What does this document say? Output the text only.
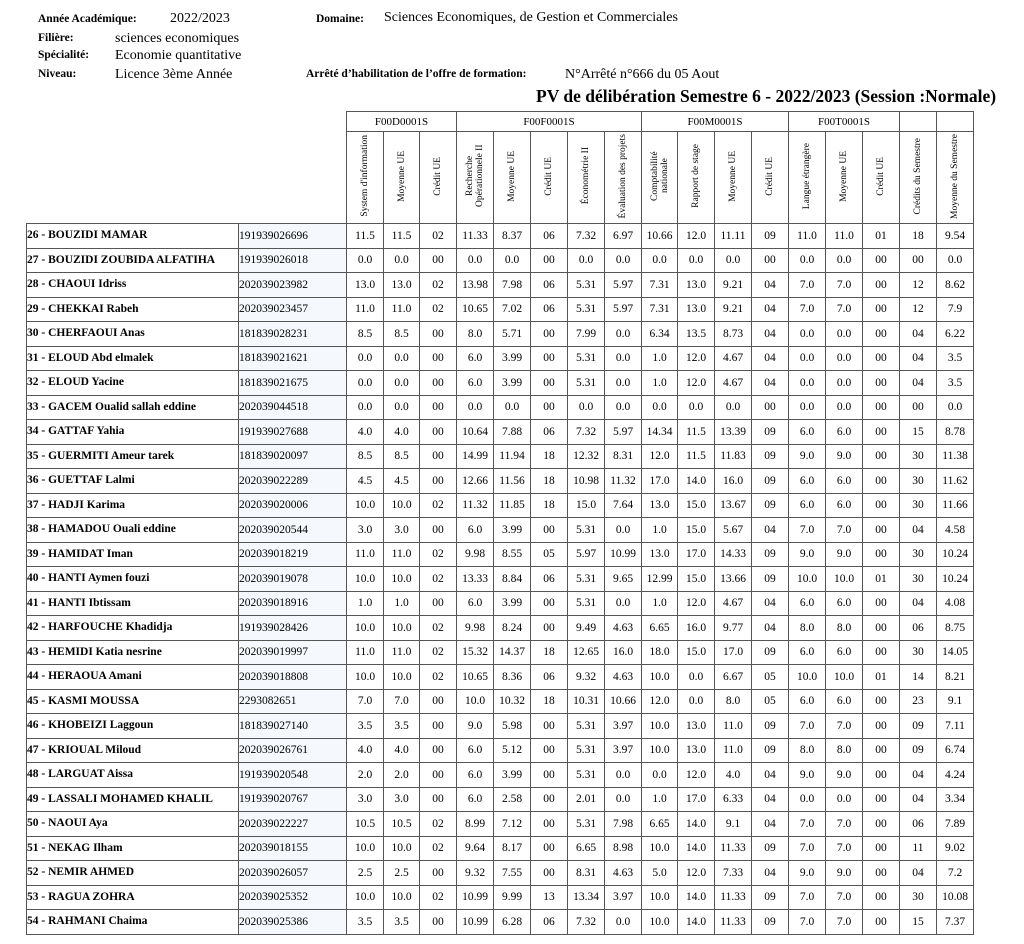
Année Académique: 2022/2023
Filière:	sciences economiques
Spécialité: Economie quantitative
Niveau:	Licence 3ème Année
Domaine: Sciences Economiques, de Gestion et Commerciales
Arrêté d’habilitation de l’offre de formation:	N°Arrêté n°666 du 05 Aout
PV de délibération Semestre 6 - 2022/2023 (Session :Normale)
		F00D0001S			F00F0001S					F00M0001S				F00T0001S				
		System d'information	Moyenne UE	Crédit UE	Recherche Opérationnele II	Moyenne UE	Crédit UE	Économétrie II	Évaluation des projets	Comptabilité nationale	Rapport de stage	Moyenne UE	Crédit UE	Langue étrangère	Moyenne UE	Crédit UE	Crédits du Semestre	Moyenne du Semestre
26 - BOUZIDI MAMAR	191939026696	11.5	11.5	02	11.33	8.37	06	7.32	6.97	10.66	12.0	11.11	09	11.0	11.0	01	18	9.54
27 - BOUZIDI ZOUBIDA ALFATIHA	191939026018	0.0	0.0	00	0.0	0.0	00	0.0	0.0	0.0	0.0	0.0	00	0.0	0.0	00	00	0.0
28 - CHAOUI Idriss	202039023982	13.0	13.0	02	13.98	7.98	06	5.31	5.97	7.31	13.0	9.21	04	7.0	7.0	00	12	8.62
29 - CHEKKAI Rabeh	202039023457	11.0	11.0	02	10.65	7.02	06	5.31	5.97	7.31	13.0	9.21	04	7.0	7.0	00	12	7.9
30 - CHERFAOUI Anas	181839028231	8.5	8.5	00	8.0	5.71	00	7.99	0.0	6.34	13.5	8.73	04	0.0	0.0	00	04	6.22
31 - ELOUD Abd elmalek	181839021621	0.0	0.0	00	6.0	3.99	00	5.31	0.0	1.0	12.0	4.67	04	0.0	0.0	00	04	3.5
32 - ELOUD Yacine	181839021675	0.0	0.0	00	6.0	3.99	00	5.31	0.0	1.0	12.0	4.67	04	0.0	0.0	00	04	3.5
33 - GACEM Oualid sallah eddine	202039044518	0.0	0.0	00	0.0	0.0	00	0.0	0.0	0.0	0.0	0.0	00	0.0	0.0	00	00	0.0
34 - GATTAF Yahia	191939027688	4.0	4.0	00	10.64	7.88	06	7.32	5.97	14.34	11.5	13.39	09	6.0	6.0	00	15	8.78
35 - GUERMITI Ameur tarek	181839020097	8.5	8.5	00	14.99	11.94	18	12.32	8.31	12.0	11.5	11.83	09	9.0	9.0	00	30	11.38
36 - GUETTAF Lalmi	202039022289	4.5	4.5	00	12.66	11.56	18	10.98	11.32	17.0	14.0	16.0	09	6.0	6.0	00	30	11.62
37 - HADJI Karima	202039020006	10.0	10.0	02	11.32	11.85	18	15.0	7.64	13.0	15.0	13.67	09	6.0	6.0	00	30	11.66
38 - HAMADOU Ouali eddine	202039020544	3.0	3.0	00	6.0	3.99	00	5.31	0.0	1.0	15.0	5.67	04	7.0	7.0	00	04	4.58
39 - HAMIDAT Iman	202039018219	11.0	11.0	02	9.98	8.55	05	5.97	10.99	13.0	17.0	14.33	09	9.0	9.0	00	30	10.24
40 - HANTI Aymen fouzi	202039019078	10.0	10.0	02	13.33	8.84	06	5.31	9.65	12.99	15.0	13.66	09	10.0	10.0	01	30	10.24
41 - HANTI Ibtissam	202039018916	1.0	1.0	00	6.0	3.99	00	5.31	0.0	1.0	12.0	4.67	04	6.0	6.0	00	04	4.08
42 - HARFOUCHE Khadidja	191939028426	10.0	10.0	02	9.98	8.24	00	9.49	4.63	6.65	16.0	9.77	04	8.0	8.0	00	06	8.75
43 - HEMIDI Katia nesrine	202039019997	11.0	11.0	02	15.32	14.37	18	12.65	16.0	18.0	15.0	17.0	09	6.0	6.0	00	30	14.05
44 - HERAOUA Amani	202039018808	10.0	10.0	02	10.65	8.36	06	9.32	4.63	10.0	0.0	6.67	05	10.0	10.0	01	14	8.21
45 - KASMI MOUSSA	2293082651	7.0	7.0	00	10.0	10.32	18	10.31	10.66	12.0	0.0	8.0	05	6.0	6.0	00	23	9.1
46 - KHOBEIZI Laggoun	181839027140	3.5	3.5	00	9.0	5.98	00	5.31	3.97	10.0	13.0	11.0	09	7.0	7.0	00	09	7.11
47 - KRIOUAL Miloud	202039026761	4.0	4.0	00	6.0	5.12	00	5.31	3.97	10.0	13.0	11.0	09	8.0	8.0	00	09	6.74
48 - LARGUAT Aissa	191939020548	2.0	2.0	00	6.0	3.99	00	5.31	0.0	0.0	12.0	4.0	04	9.0	9.0	00	04	4.24
49 - LASSALI MOHAMED KHALIL	191939020767	3.0	3.0	00	6.0	2.58	00	2.01	0.0	1.0	17.0	6.33	04	0.0	0.0	00	04	3.34
50 - NAOUI Aya	202039022227	10.5	10.5	02	8.99	7.12	00	5.31	7.98	6.65	14.0	9.1	04	7.0	7.0	00	06	7.89
51 - NEKAG Ilham	202039018155	10.0	10.0	02	9.64	8.17	00	6.65	8.98	10.0	14.0	11.33	09	7.0	7.0	00	11	9.02
52 - NEMIR AHMED	202039026057	2.5	2.5	00	9.32	7.55	00	8.31	4.63	5.0	12.0	7.33	04	9.0	9.0	00	04	7.2
53 - RAGUA ZOHRA	202039025352	10.0	10.0	02	10.99	9.99	13	13.34	3.97	10.0	14.0	11.33	09	7.0	7.0	00	30	10.08
54 - RAHMANI Chaima	202039025386	3.5	3.5	00	10.99	6.28	06	7.32	0.0	10.0	14.0	11.33	09	7.0	7.0	00	15	7.37
